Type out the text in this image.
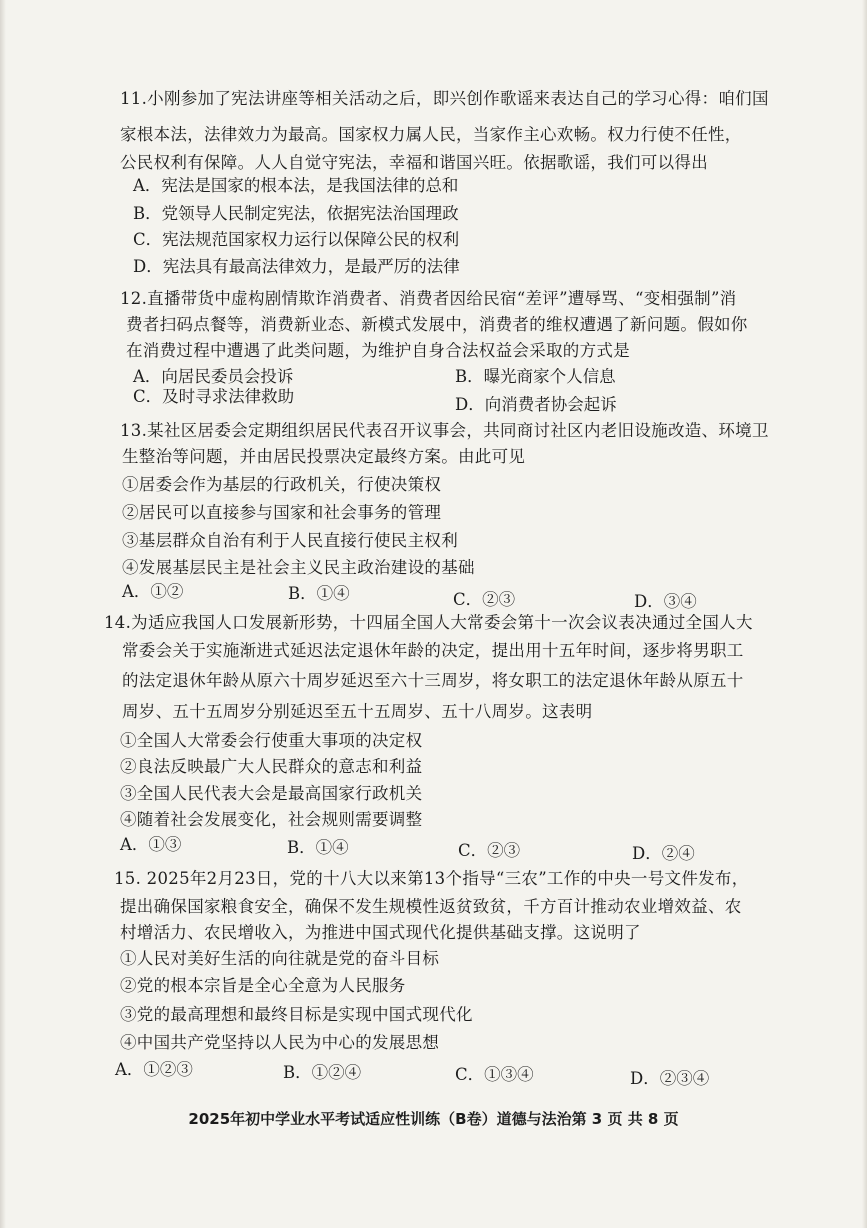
11.小刚参加了宪法讲座等相关活动之后，即兴创作歌谣来表达自己的学习心得：咱们国
家根本法，法律效力为最高。国家权力属人民，当家作主心欢畅。权力行使不任性，
公民权利有保障。人人自觉守宪法，幸福和谐国兴旺。依据歌谣，我们可以得出
A．宪法是国家的根本法，是我国法律的总和
B．党领导人民制定宪法，依据宪法治国理政
C．宪法规范国家权力运行以保障公民的权利
D．宪法具有最高法律效力，是最严厉的法律
12.直播带货中虚构剧情欺诈消费者、消费者因给民宿“差评”遭辱骂、“变相强制”消
费者扫码点餐等，消费新业态、新模式发展中，消费者的维权遭遇了新问题。假如你
在消费过程中遭遇了此类问题，为维护自身合法权益会采取的方式是
A．向居民委员会投诉	B．曝光商家个人信息
C．及时寻求法律救助	D．向消费者协会起诉
13.某社区居委会定期组织居民代表召开议事会，共同商讨社区内老旧设施改造、环境卫
生整治等问题，并由居民投票决定最终方案。由此可见
①居委会作为基层的行政机关，行使决策权
②居民可以直接参与国家和社会事务的管理
③基层群众自治有利于人民直接行使民主权利
④发展基层民主是社会主义民主政治建设的基础
A．①②	B．①④	C．②③	D．③④
14.为适应我国人口发展新形势，十四届全国人大常委会第十一次会议表决通过全国人大
常委会关于实施渐进式延迟法定退休年龄的决定，提出用十五年时间，逐步将男职工
的法定退休年龄从原六十周岁延迟至六十三周岁，将女职工的法定退休年龄从原五十
周岁、五十五周岁分别延迟至五十五周岁、五十八周岁。这表明
①全国人大常委会行使重大事项的决定权
②良法反映最广大人民群众的意志和利益
③全国人民代表大会是最高国家行政机关
④随着社会发展变化，社会规则需要调整
A．①③	B．①④	C．②③	D．②④
15. 2025年2月23日，党的十八大以来第13个指导“三农”工作的中央一号文件发布，
提出确保国家粮食安全，确保不发生规模性返贫致贫，千方百计推动农业增效益、农
村增活力、农民增收入，为推进中国式现代化提供基础支撑。这说明了
①人民对美好生活的向往就是党的奋斗目标
②党的根本宗旨是全心全意为人民服务
③党的最高理想和最终目标是实现中国式现代化
④中国共产党坚持以人民为中心的发展思想
A．①②③	B．①②④	C．①③④	D．②③④
2025年初中学业水平考试适应性训练（B卷）道德与法治第 3 页 共 8 页
